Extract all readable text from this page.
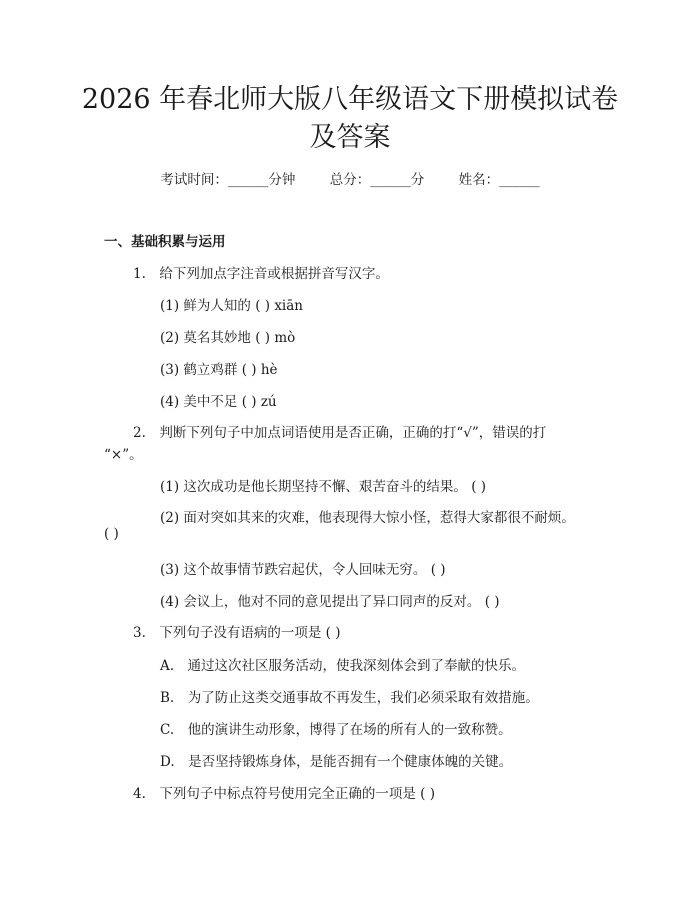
2026 年春北师大版八年级语文下册模拟试卷
及答案
考试时间：______分钟	总分：______分	姓名：______
一、基础积累与运用
1.　给下列加点字注音或根据拼音写汉字。
(1) 鲜为人知的 ( ) xiān
(2) 莫名其妙地 ( ) mò
(3) 鹤立鸡群 ( ) hè
(4) 美中不足 ( ) zú
2.　判断下列句子中加点词语使用是否正确，正确的打“√”，错误的打
“×”。
(1) 这次成功是他长期坚持不懈、艰苦奋斗的结果。 ( )
(2) 面对突如其来的灾难，他表现得大惊小怪，惹得大家都很不耐烦。
( )
(3) 这个故事情节跌宕起伏，令人回味无穷。 ( )
(4) 会议上，他对不同的意见提出了异口同声的反对。 ( )
3.　下列句子没有语病的一项是 ( )
A.　通过这次社区服务活动，使我深刻体会到了奉献的快乐。
B.　为了防止这类交通事故不再发生，我们必须采取有效措施。
C.　他的演讲生动形象，博得了在场的所有人的一致称赞。
D.　是否坚持锻炼身体，是能否拥有一个健康体魄的关键。
4.　下列句子中标点符号使用完全正确的一项是 ( )
